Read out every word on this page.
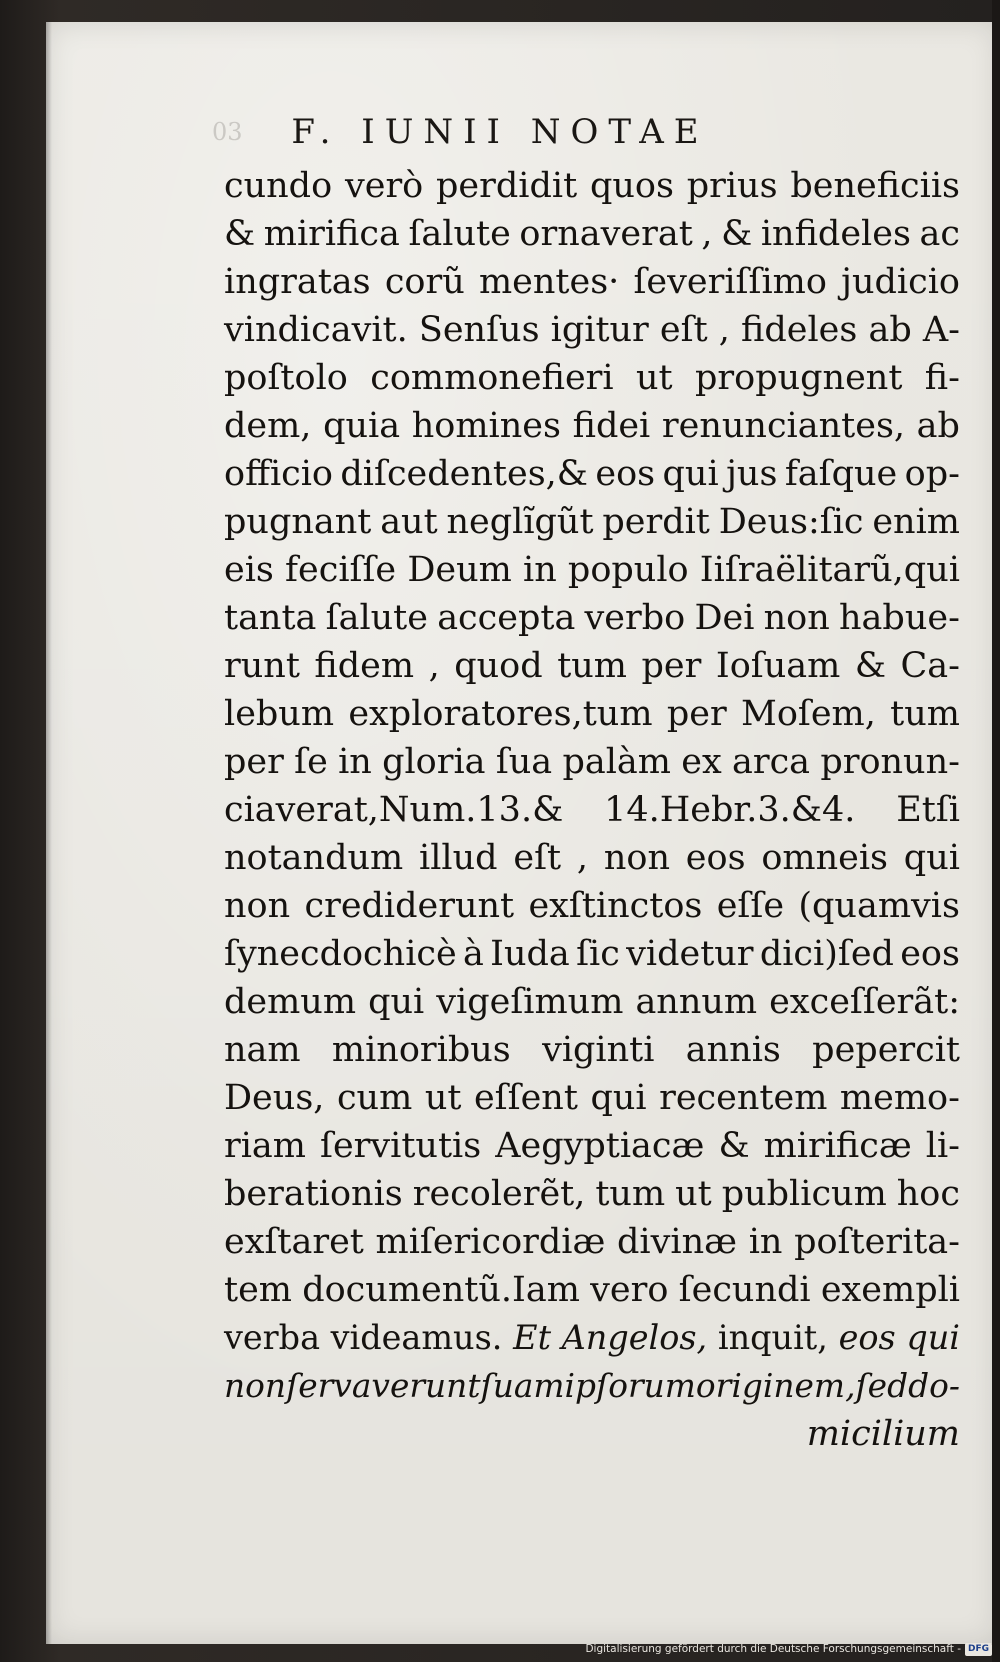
03	F. IUNII NOTAE
cundo verò perdidit quos prius beneficiis
& mirifica ſalute ornaverat , & infideles ac
ingratas corũ mentes· ſeveriſſimo judicio
vindicavit. Senſus igitur eſt , fideles ab A-
poſtolo commonefieri ut propugnent fi-
dem, quia homines fidei renunciantes, ab
officio diſcedentes,& eos qui jus faſque op-
pugnant aut neglĩgũt perdit Deus:ſic enim
eis feciſſe Deum in populo Iiſraëlitarũ,qui
tanta ſalute accepta verbo Dei non habue-
runt fidem , quod tum per Ioſuam & Ca-
lebum exploratores,tum per Moſem, tum
per ſe in gloria ſua palàm ex arca pronun-
ciaverat,Num.13.& 14.Hebr.3.&4. Etſi
notandum illud eſt , non eos omneis qui
non crediderunt exſtinctos eſſe (quamvis
ſynecdochicè à Iuda ſic videtur dici)ſed eos
demum qui vigeſimum annum exceſſerãt:
nam minoribus viginti annis pepercit
Deus, cum ut eſſent qui recentem memo-
riam ſervitutis Aegyptiacæ & mirificæ li-
berationis recolerẽt, tum ut publicum hoc
exſtaret miſericordiæ divinæ in poſterita-
tem documentũ.Iam vero ſecundi exempli
verba videamus. Et Angelos, inquit, eos qui
non ſervaverunt ſuam ipſorum originem , ſed do-
micilium
Digitalisierung gefördert durch die Deutsche Forschungsgemeinschaft - DFG
